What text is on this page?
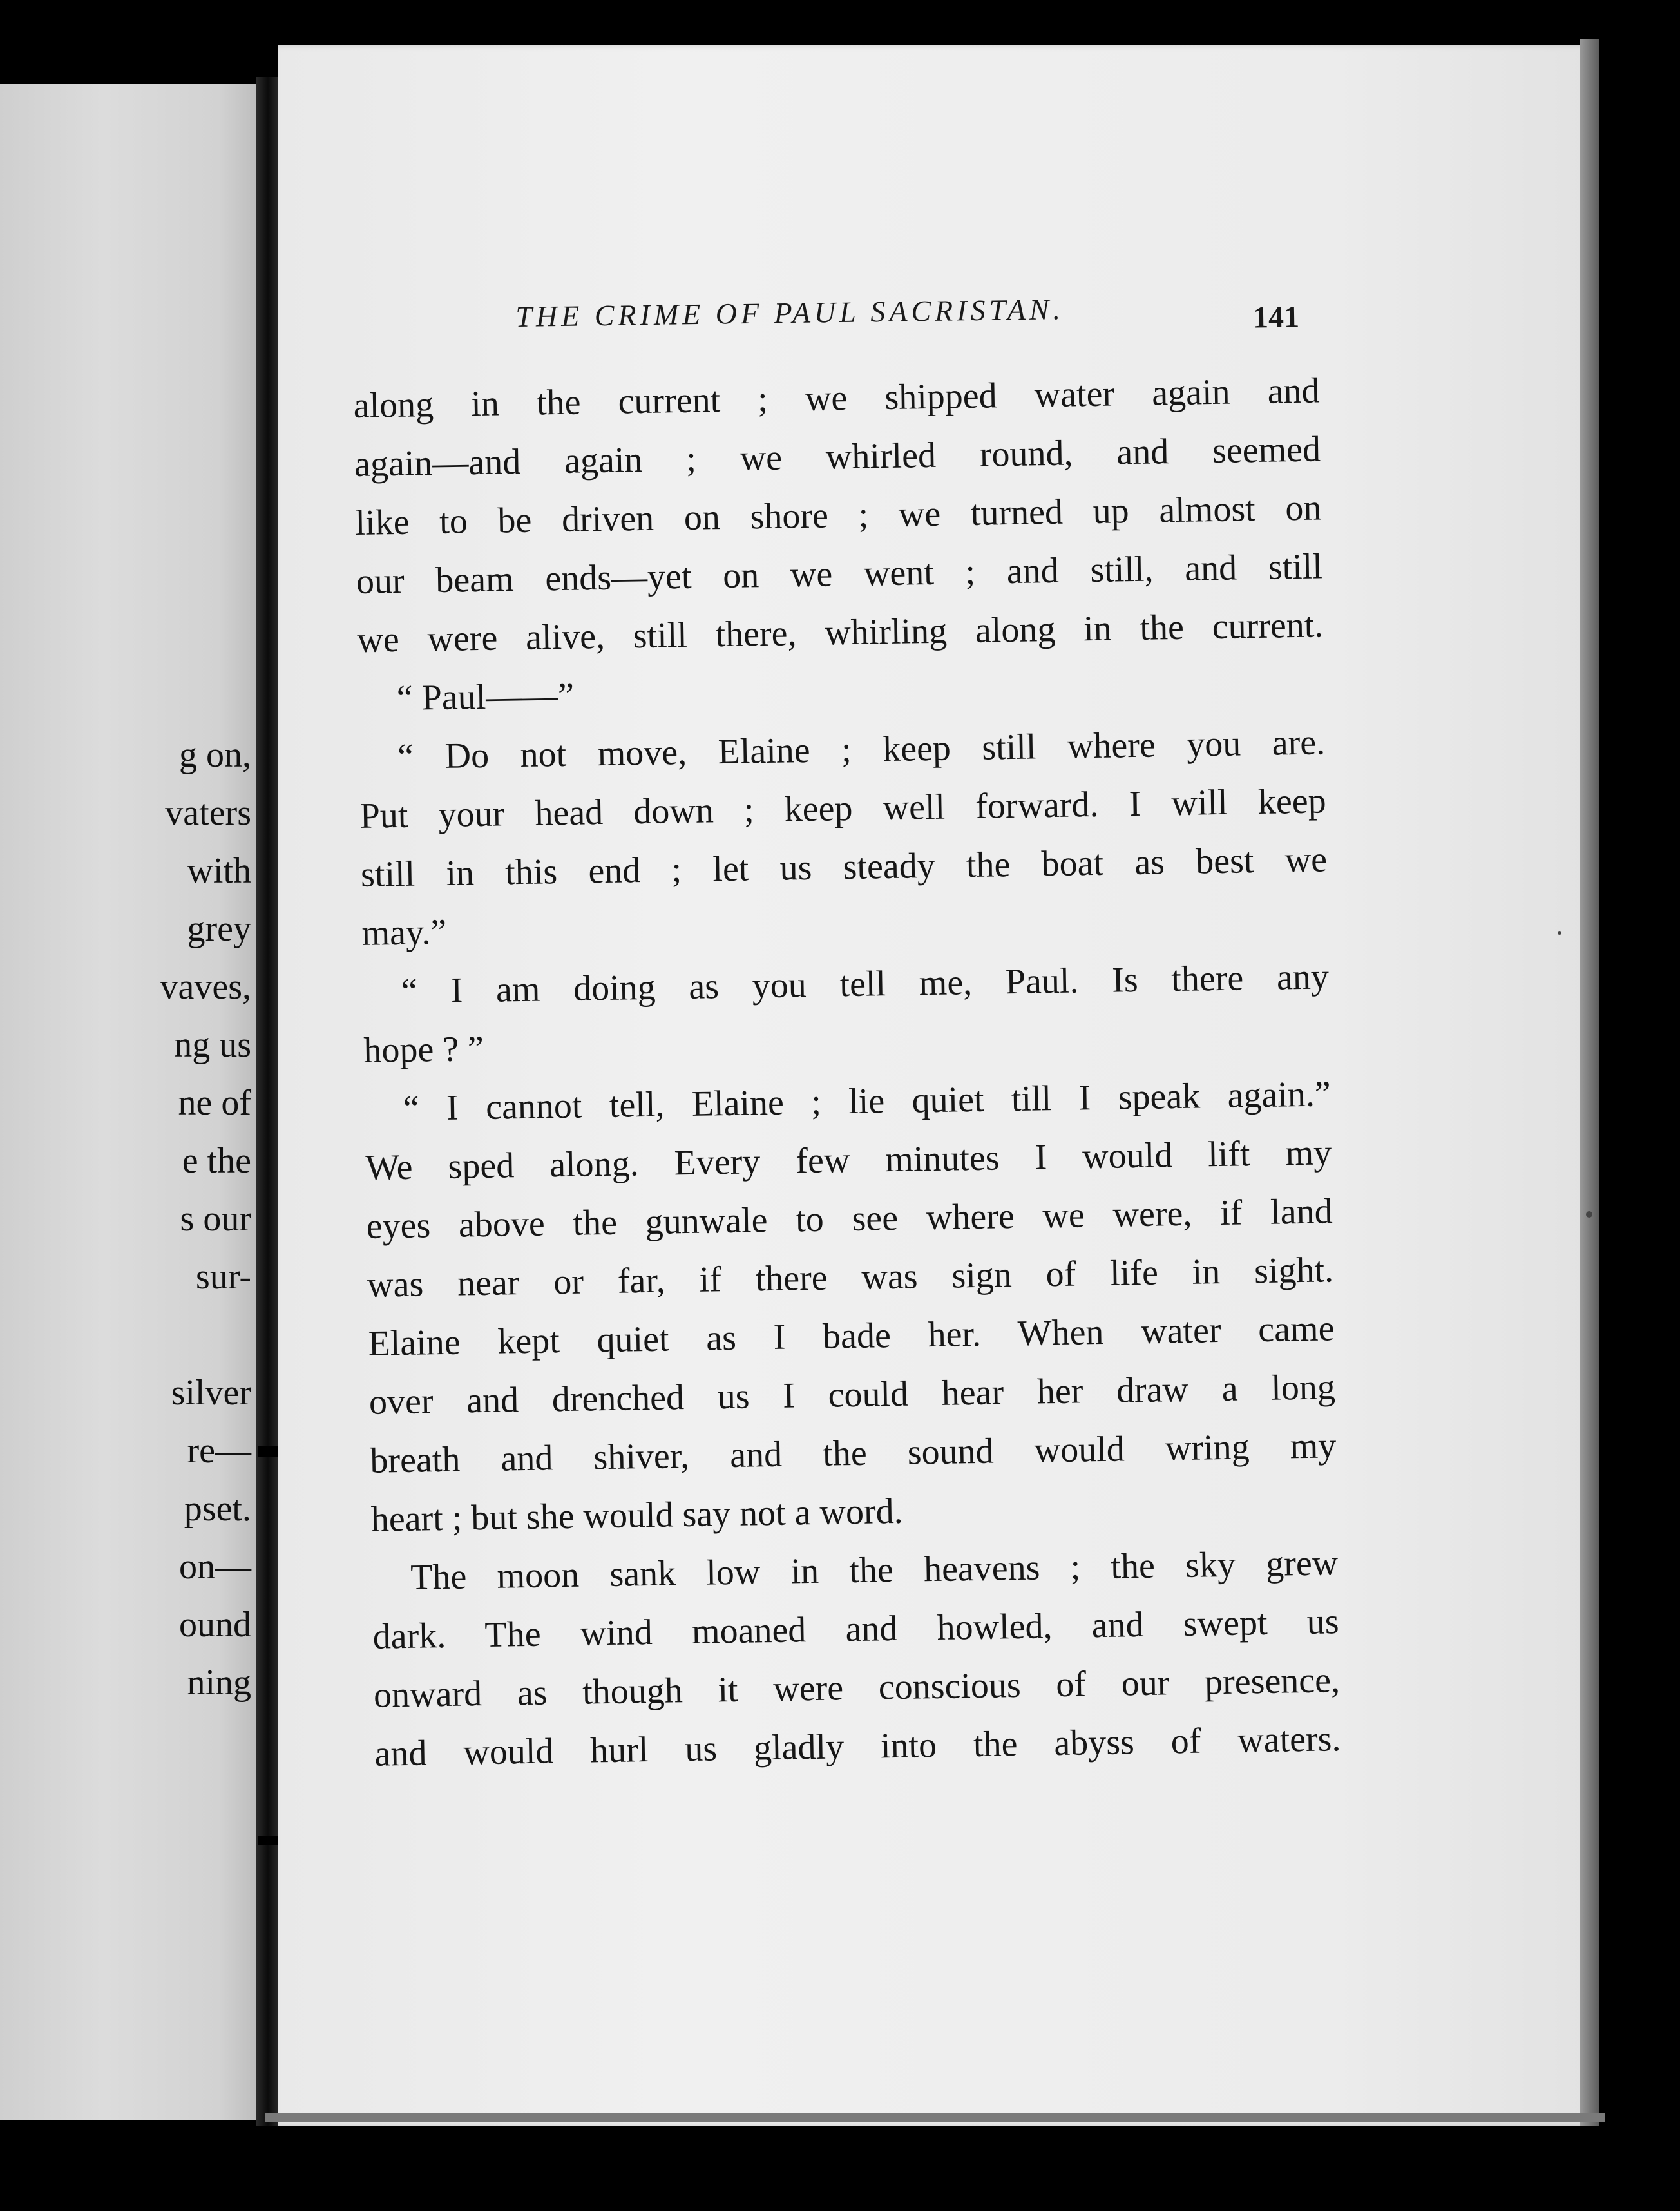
g on,
vaters
with
grey
vaves,
ng us
ne of
e the
s our
sur-
silver
re—
pset.
on—
ound
ning
THE CRIME OF PAUL SACRISTAN.	141
along in the current ; we shipped water again and
again—and again ; we whirled round, and seemed
like to be driven on shore ; we turned up almost on
our beam ends—yet on we went ; and still, and still
we were alive, still there, whirling along in the current.
“ Paul——”
“ Do not move, Elaine ; keep still where you are.
Put your head down ; keep well forward. I will keep
still in this end ; let us steady the boat as best we
may.”
“ I am doing as you tell me, Paul. Is there any
hope ? ”
“ I cannot tell, Elaine ; lie quiet till I speak again.”
We sped along. Every few minutes I would lift my
eyes above the gunwale to see where we were, if land
was near or far, if there was sign of life in sight.
Elaine kept quiet as I bade her. When water came
over and drenched us I could hear her draw a long
breath and shiver, and the sound would wring my
heart ; but she would say not a word.
The moon sank low in the heavens ; the sky grew
dark. The wind moaned and howled, and swept us
onward as though it were conscious of our presence,
and would hurl us gladly into the abyss of waters.
